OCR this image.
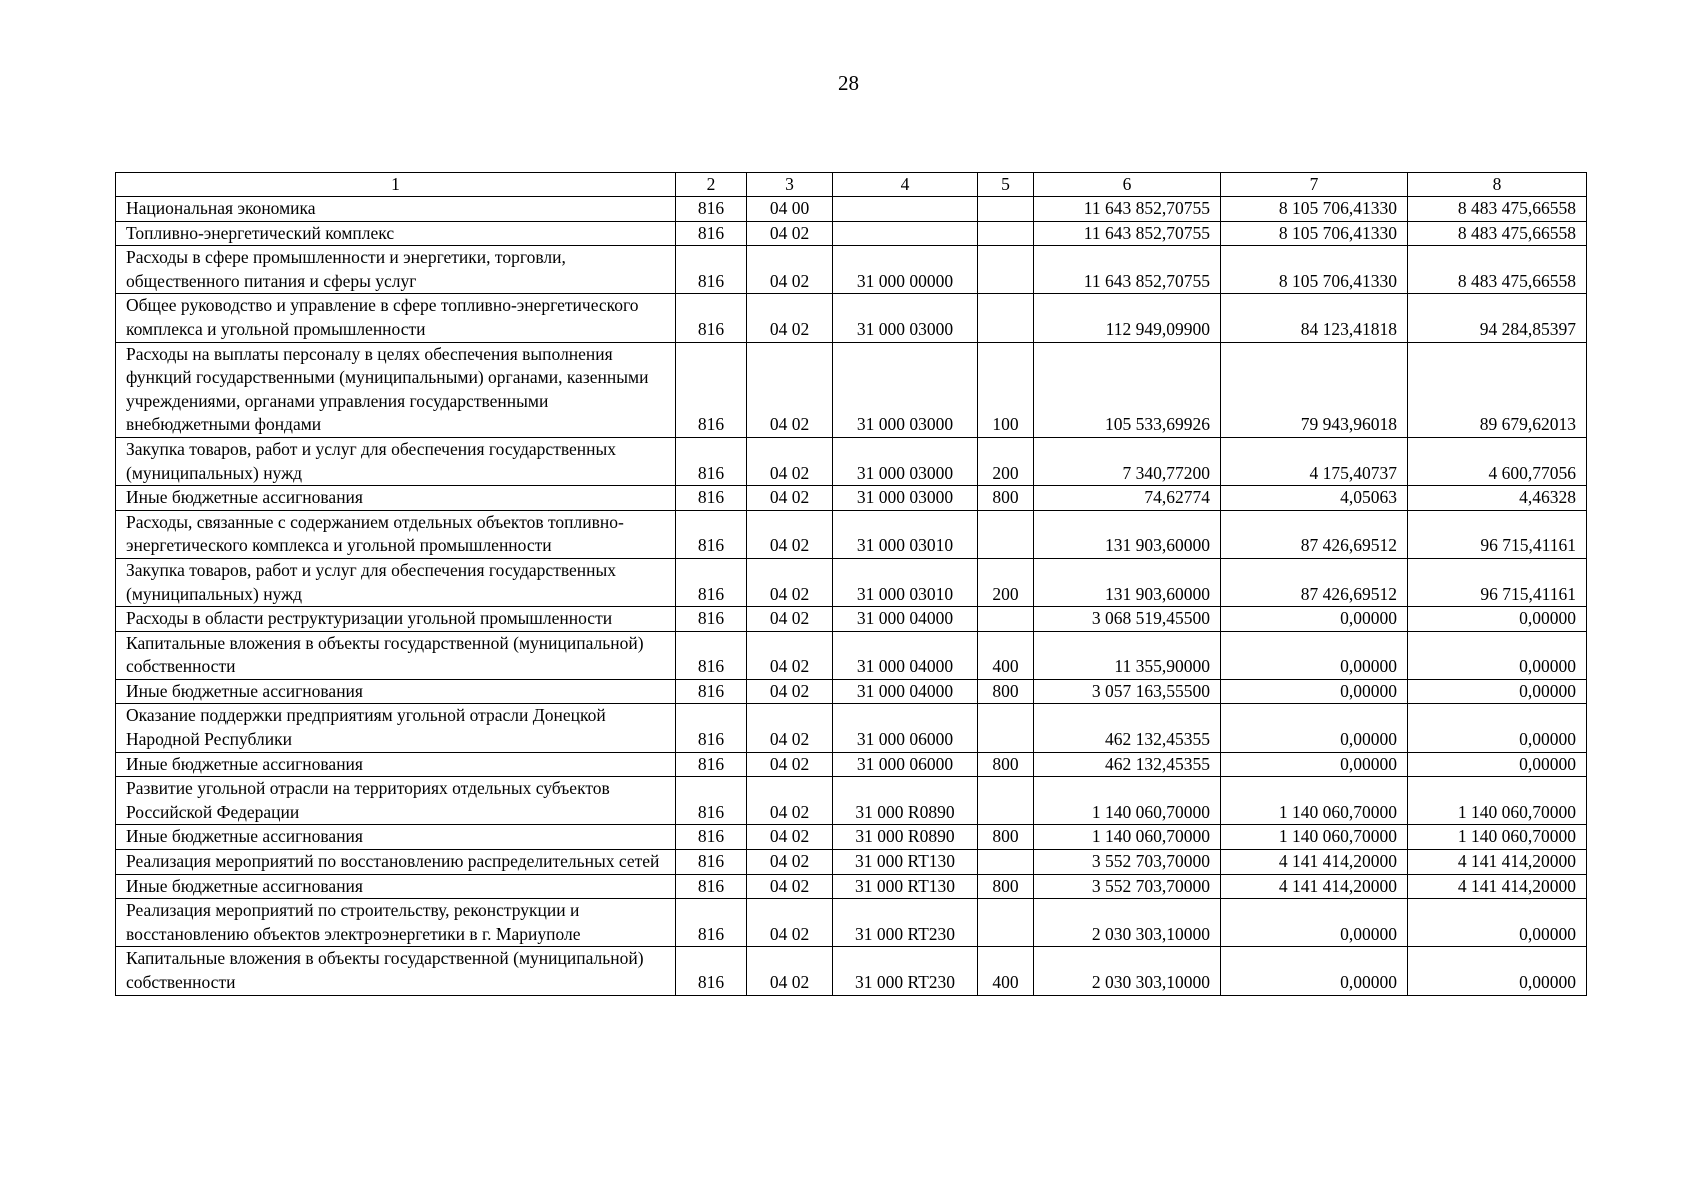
28
1	2	3	4	5	6	7	8
Национальная экономика	816	04 00			11 643 852,70755	8 105 706,41330	8 483 475,66558
Топливно-энергетический комплекс	816	04 02			11 643 852,70755	8 105 706,41330	8 483 475,66558
Расходы в сфере промышленности и энергетики, торговли, общественного питания и сферы услуг	816	04 02	31 000 00000		11 643 852,70755	8 105 706,41330	8 483 475,66558
Общее руководство и управление в сфере топливно-энергетического комплекса и угольной промышленности	816	04 02	31 000 03000		112 949,09900	84 123,41818	94 284,85397
Расходы на выплаты персоналу в целях обеспечения выполнения функций государственными (муниципальными) органами, казенными учреждениями, органами управления государственными внебюджетными фондами	816	04 02	31 000 03000	100	105 533,69926	79 943,96018	89 679,62013
Закупка товаров, работ и услуг для обеспечения государственных (муниципальных) нужд	816	04 02	31 000 03000	200	7 340,77200	4 175,40737	4 600,77056
Иные бюджетные ассигнования	816	04 02	31 000 03000	800	74,62774	4,05063	4,46328
Расходы, связанные с содержанием отдельных объектов топливно-энергетического комплекса и угольной промышленности	816	04 02	31 000 03010		131 903,60000	87 426,69512	96 715,41161
Закупка товаров, работ и услуг для обеспечения государственных (муниципальных) нужд	816	04 02	31 000 03010	200	131 903,60000	87 426,69512	96 715,41161
Расходы в области реструктуризации угольной промышленности	816	04 02	31 000 04000		3 068 519,45500	0,00000	0,00000
Капитальные вложения в объекты государственной (муниципальной) собственности	816	04 02	31 000 04000	400	11 355,90000	0,00000	0,00000
Иные бюджетные ассигнования	816	04 02	31 000 04000	800	3 057 163,55500	0,00000	0,00000
Оказание поддержки предприятиям угольной отрасли Донецкой Народной Республики	816	04 02	31 000 06000		462 132,45355	0,00000	0,00000
Иные бюджетные ассигнования	816	04 02	31 000 06000	800	462 132,45355	0,00000	0,00000
Развитие угольной отрасли на территориях отдельных субъектов Российской Федерации	816	04 02	31 000 R0890		1 140 060,70000	1 140 060,70000	1 140 060,70000
Иные бюджетные ассигнования	816	04 02	31 000 R0890	800	1 140 060,70000	1 140 060,70000	1 140 060,70000
Реализация мероприятий по восстановлению распределительных сетей	816	04 02	31 000 RT130		3 552 703,70000	4 141 414,20000	4 141 414,20000
Иные бюджетные ассигнования	816	04 02	31 000 RT130	800	3 552 703,70000	4 141 414,20000	4 141 414,20000
Реализация мероприятий по строительству, реконструкции и восстановлению объектов электроэнергетики в г. Мариуполе	816	04 02	31 000 RT230		2 030 303,10000	0,00000	0,00000
Капитальные вложения в объекты государственной (муниципальной) собственности	816	04 02	31 000 RT230	400	2 030 303,10000	0,00000	0,00000
